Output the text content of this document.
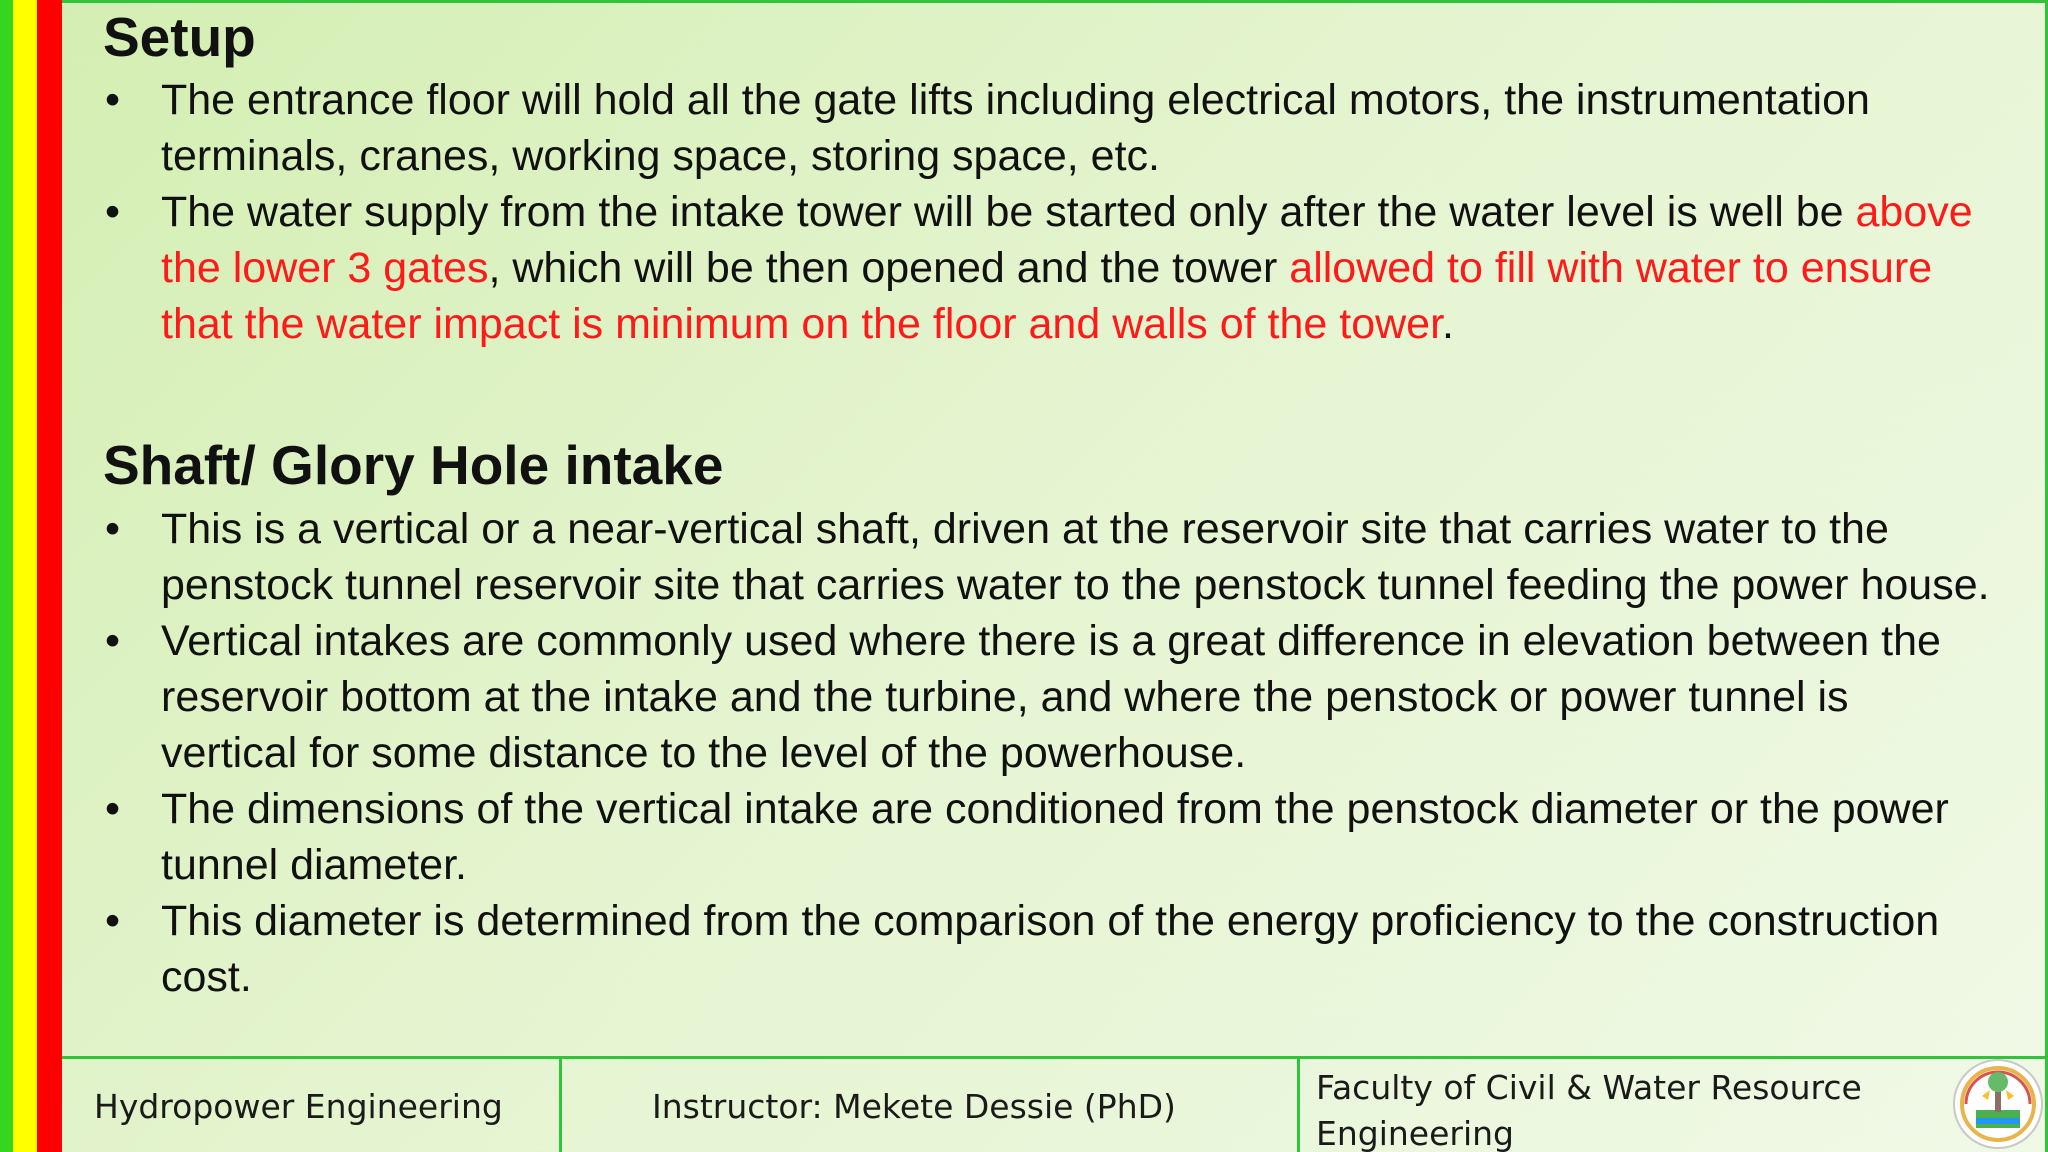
Setup
• The entrance floor will hold all the gate lifts including electrical motors, the instrumentation terminals, cranes, working space, storing space, etc.
• The water supply from the intake tower will be started only after the water level is well be above the lower 3 gates, which will be then opened and the tower allowed to fill with water to ensure that the water impact is minimum on the floor and walls of the tower.
Shaft/ Glory Hole intake
• This is a vertical or a near-vertical shaft, driven at the reservoir site that carries water to the penstock tunnel reservoir site that carries water to the penstock tunnel feeding the power house.
• Vertical intakes are commonly used where there is a great difference in elevation between the reservoir bottom at the intake and the turbine, and where the penstock or power tunnel is vertical for some distance to the level of the powerhouse.
• The dimensions of the vertical intake are conditioned from the penstock diameter or the power tunnel diameter.
• This diameter is determined from the comparison of the energy proficiency to the construction cost.
Hydropower Engineering	Instructor: Mekete Dessie (PhD)	Faculty of Civil & Water Resource Engineering
